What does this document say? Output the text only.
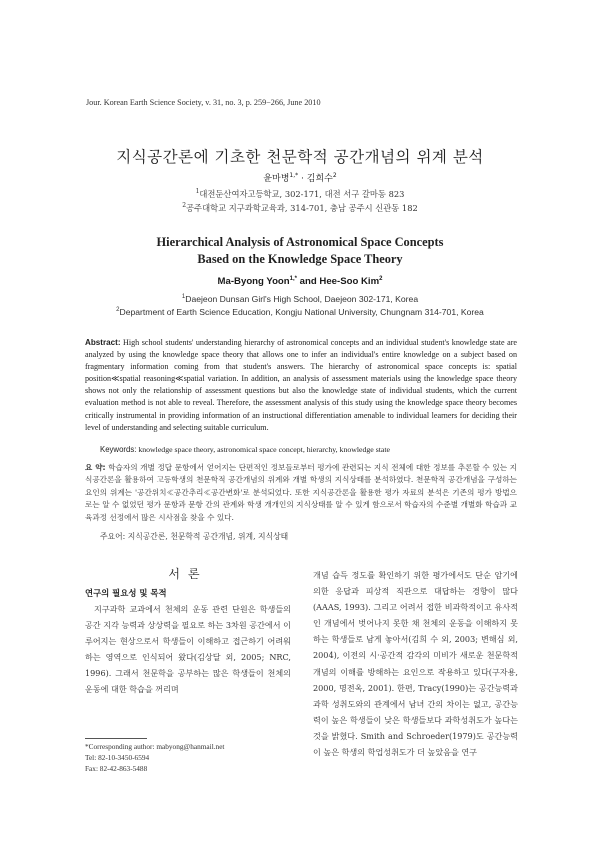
Jour. Korean Earth Science Society, v. 31, no. 3, p. 259−266, June 2010
지식공간론에 기초한 천문학적 공간개념의 위계 분석
윤마병$^{1,*}$ · 김희수$^2$
$^1$대전둔산여자고등학교, 302-171, 대전 서구 갈마동 823
$^2$공주대학교 지구과학교육과, 314-701, 충남 공주시 신관동 182
Hierarchical Analysis of Astronomical Space Concepts
Based on the Knowledge Space Theory
Ma-Byong Yoon$^{1,*}$ and Hee-Soo Kim$^2$
$^1$Daejeon Dunsan Girl's High School, Daejeon 302-171, Korea
$^2$Department of Earth Science Education, Kongju National University, Chungnam 314-701, Korea
Abstract: High school students' understanding hierarchy of astronomical concepts and an individual student's knowledge state are analyzed by using the knowledge space theory that allows one to infer an individual's entire knowledge on a subject based on fragmentary information coming from that student's answers. The hierarchy of astronomical space concepts is: spatial position≪spatial reasoning≪spatial variation. In addition, an analysis of assessment materials using the knowledge space theory shows not only the relationship of assessment questions but also the knowledge state of individual students, which the current evaluation method is not able to reveal. Therefore, the assessment analysis of this study using the knowledge space theory becomes critically instrumental in providing information of an instructional differentiation amenable to individual learners for deciding their level of understanding and selecting suitable curriculum.
Keywords: knowledge space theory, astronomical space concept, hierarchy, knowledge state
요 약: 학습자의 개별 정답 문항에서 얻어지는 단편적인 정보들로부터 평가에 관련되는 지식 전체에 대한 정보를 추론할 수 있는 지식공간론을 활용하여 고등학생의 천문학적 공간개념의 위계와 개별 학생의 지식상태를 분석하였다. 천문학적 공간개념을 구성하는 요인의 위계는 '공간위치≪공간추리≪공간변화'로 분석되었다. 또한 지식공간론을 활용한 평가 자료의 분석은 기존의 평가 방법으로는 알 수 없었던 평가 문항과 문항 간의 관계와 학생 개개인의 지식상태를 알 수 있게 함으로서 학습자의 수준별 개별화 학습과 교육과정 선정에서 많은 시사점을 찾을 수 있다.
주요어: 지식공간론, 천문학적 공간개념, 위계, 지식상태
서론
연구의 필요성 및 목적
지구과학 교과에서 천체의 운동 관련 단원은 학생들의 공간 지각 능력과 상상력을 필요로 하는 3차원 공간에서 이루어지는 현상으로서 학생들이 이해하고 접근하기 어려워하는 영역으로 인식되어 왔다(김상달 외, 2005; NRC, 1996). 그래서 천문학을 공부하는 많은 학생들이 천체의 운동에 대한 학습을 꺼리며
개념 습득 정도를 확인하기 위한 평가에서도 단순 암기에 의한 응답과 피상적 직관으로 대답하는 경향이 많다(AAAS, 1993). 그리고 어려서 접한 비과학적이고 유사적인 개념에서 벗어나지 못한 채 천체의 운동을 이해하지 못하는 학생들로 남게 놓아서(김희 수 외, 2003; 변해심 외, 2004), 이전의 시·공간적 감각의 미비가 새로운 천문학적 개념의 이해를 방해하는 요인으로 작용하고 있다(구자용, 2000, 명전옥, 2001). 한편, Tracy(1990)는 공간능력과 과학 성취도와의 관계에서 남녀 간의 차이는 없고, 공간능력이 높은 학생들이 낮은 학생들보다 과학성취도가 높다는 것을 밝혔다. Smith and Schroeder(1979)도 공간능력이 높은 학생의 학업성취도가 더 높았음을 연구
*Corresponding author: mabyong@hanmail.net
Tel: 82-10-3450-6594
Fax: 82-42-863-5488
